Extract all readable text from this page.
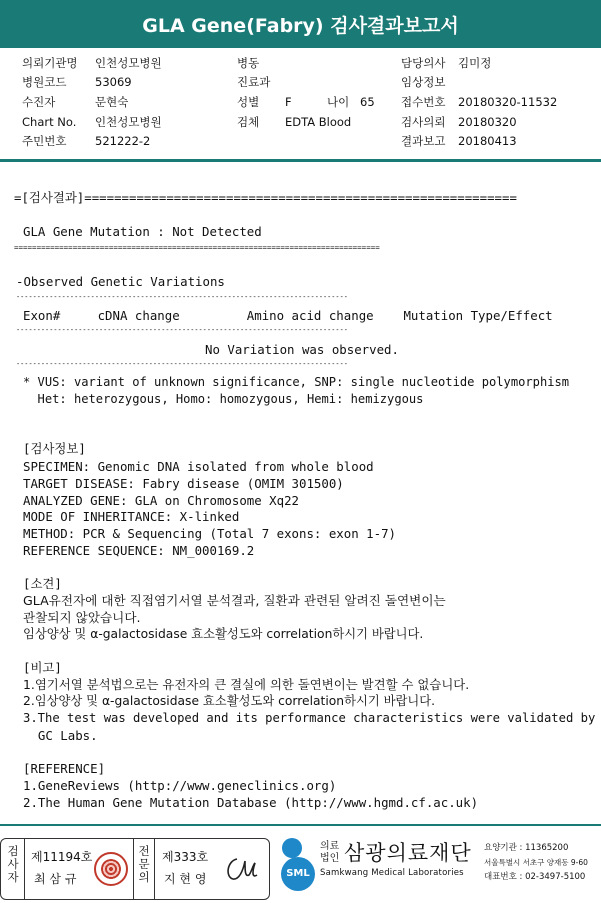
GLA Gene(Fabry) 검사결과보고서
의뢰기관명 인천성모병원
병원코드 53069
수진자	문현숙
Chart No. 인천성모병원
주민번호 521222-2
병동
진료과
성별 F	나이 65
검체 EDTA Blood
담당의사 김미정
임상정보
접수번호 20180320-11532
검사의뢰 20180320
결과보고 20180413
=[검사결과]==========================================================
GLA Gene Mutation : Not Detected
=================================================================================
-Observed Genetic Variations
--------------------------------------------------------------------------------
Exon#     cDNA change         Amino acid change    Mutation Type/Effect
--------------------------------------------------------------------------------
No Variation was observed.
--------------------------------------------------------------------------------
* VUS: variant of unknown significance, SNP: single nucleotide polymorphism
Het: heterozygous, Homo: homozygous, Hemi: hemizygous
[검사정보]
SPECIMEN: Genomic DNA isolated from whole blood
TARGET DISEASE: Fabry disease (OMIM 301500)
ANALYZED GENE: GLA on Chromosome Xq22
MODE OF INHERITANCE: X-linked
METHOD: PCR & Sequencing (Total 7 exons: exon 1-7)
REFERENCE SEQUENCE: NM_000169.2
[소견]
GLA유전자에 대한 직접염기서열 분석결과, 질환과 관련된 알려진 돌연변이는
관찰되지 않았습니다.
임상양상 및 α-galactosidase 효소활성도와 correlation하시기 바랍니다.
[비고]
1.염기서열 분석법으로는 유전자의 큰 결실에 의한 돌연변이는 발견할 수 없습니다.
2.임상양상 및 α-galactosidase 효소활성도와 correlation하시기 바랍니다.
3.The test was developed and its performance characteristics were validated by
GC Labs.
[REFERENCE]
1.GeneReviews (http://www.geneclinics.org)
2.The Human Gene Mutation Database (http://www.hgmd.cf.ac.uk)
검사자
제11194호
최 삼 규
전문의
제333호
지 현 영	SML
의료
법인 삼광의료재단
Samkwang Medical Laboratories
요양기관 : 11365200
서울특별시 서초구 양재동 9-60
대표번호 : 02-3497-5100
